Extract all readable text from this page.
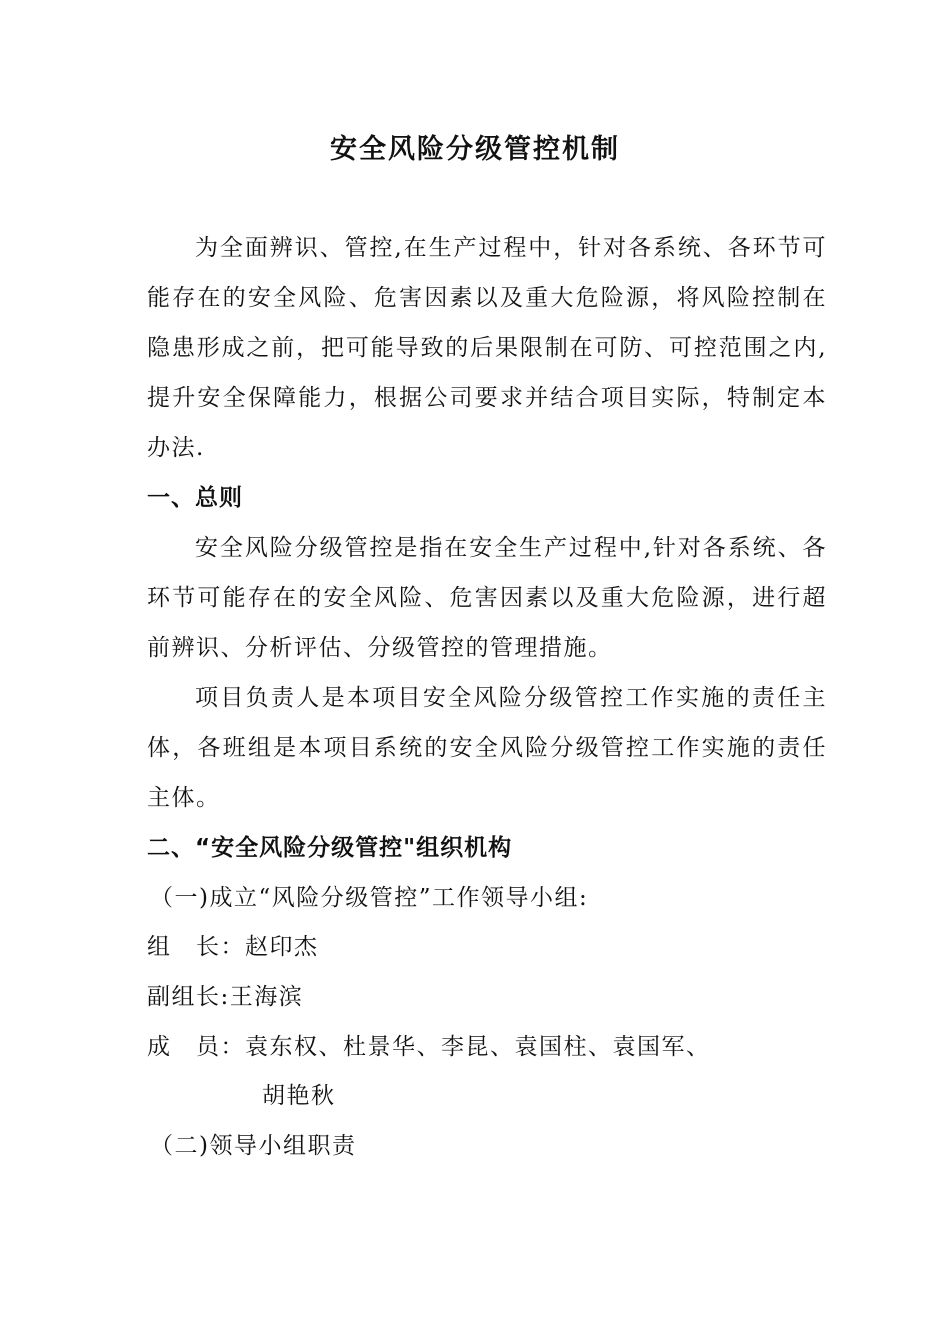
安全风险分级管控机制

为全面辨识、管控,在生产过程中，针对各系统、各环节可能存在的安全风险、危害因素以及重大危险源，将风险控制在隐患形成之前，把可能导致的后果限制在可防、可控范围之内,提升安全保障能力，根据公司要求并结合项目实际，特制定本办法.

一、总则

安全风险分级管控是指在安全生产过程中,针对各系统、各环节可能存在的安全风险、危害因素以及重大危险源，进行超前辨识、分析评估、分级管控的管理措施。

项目负责人是本项目安全风险分级管控工作实施的责任主体，各班组是本项目系统的安全风险分级管控工作实施的责任主体。

二、“安全风险分级管控"组织机构

（一)成立“风险分级管控”工作领导小组:

组　长：赵印杰

副组长:王海滨

成　员：袁东权、杜景华、李昆、袁国柱、袁国军、

胡艳秋

（二)领导小组职责
